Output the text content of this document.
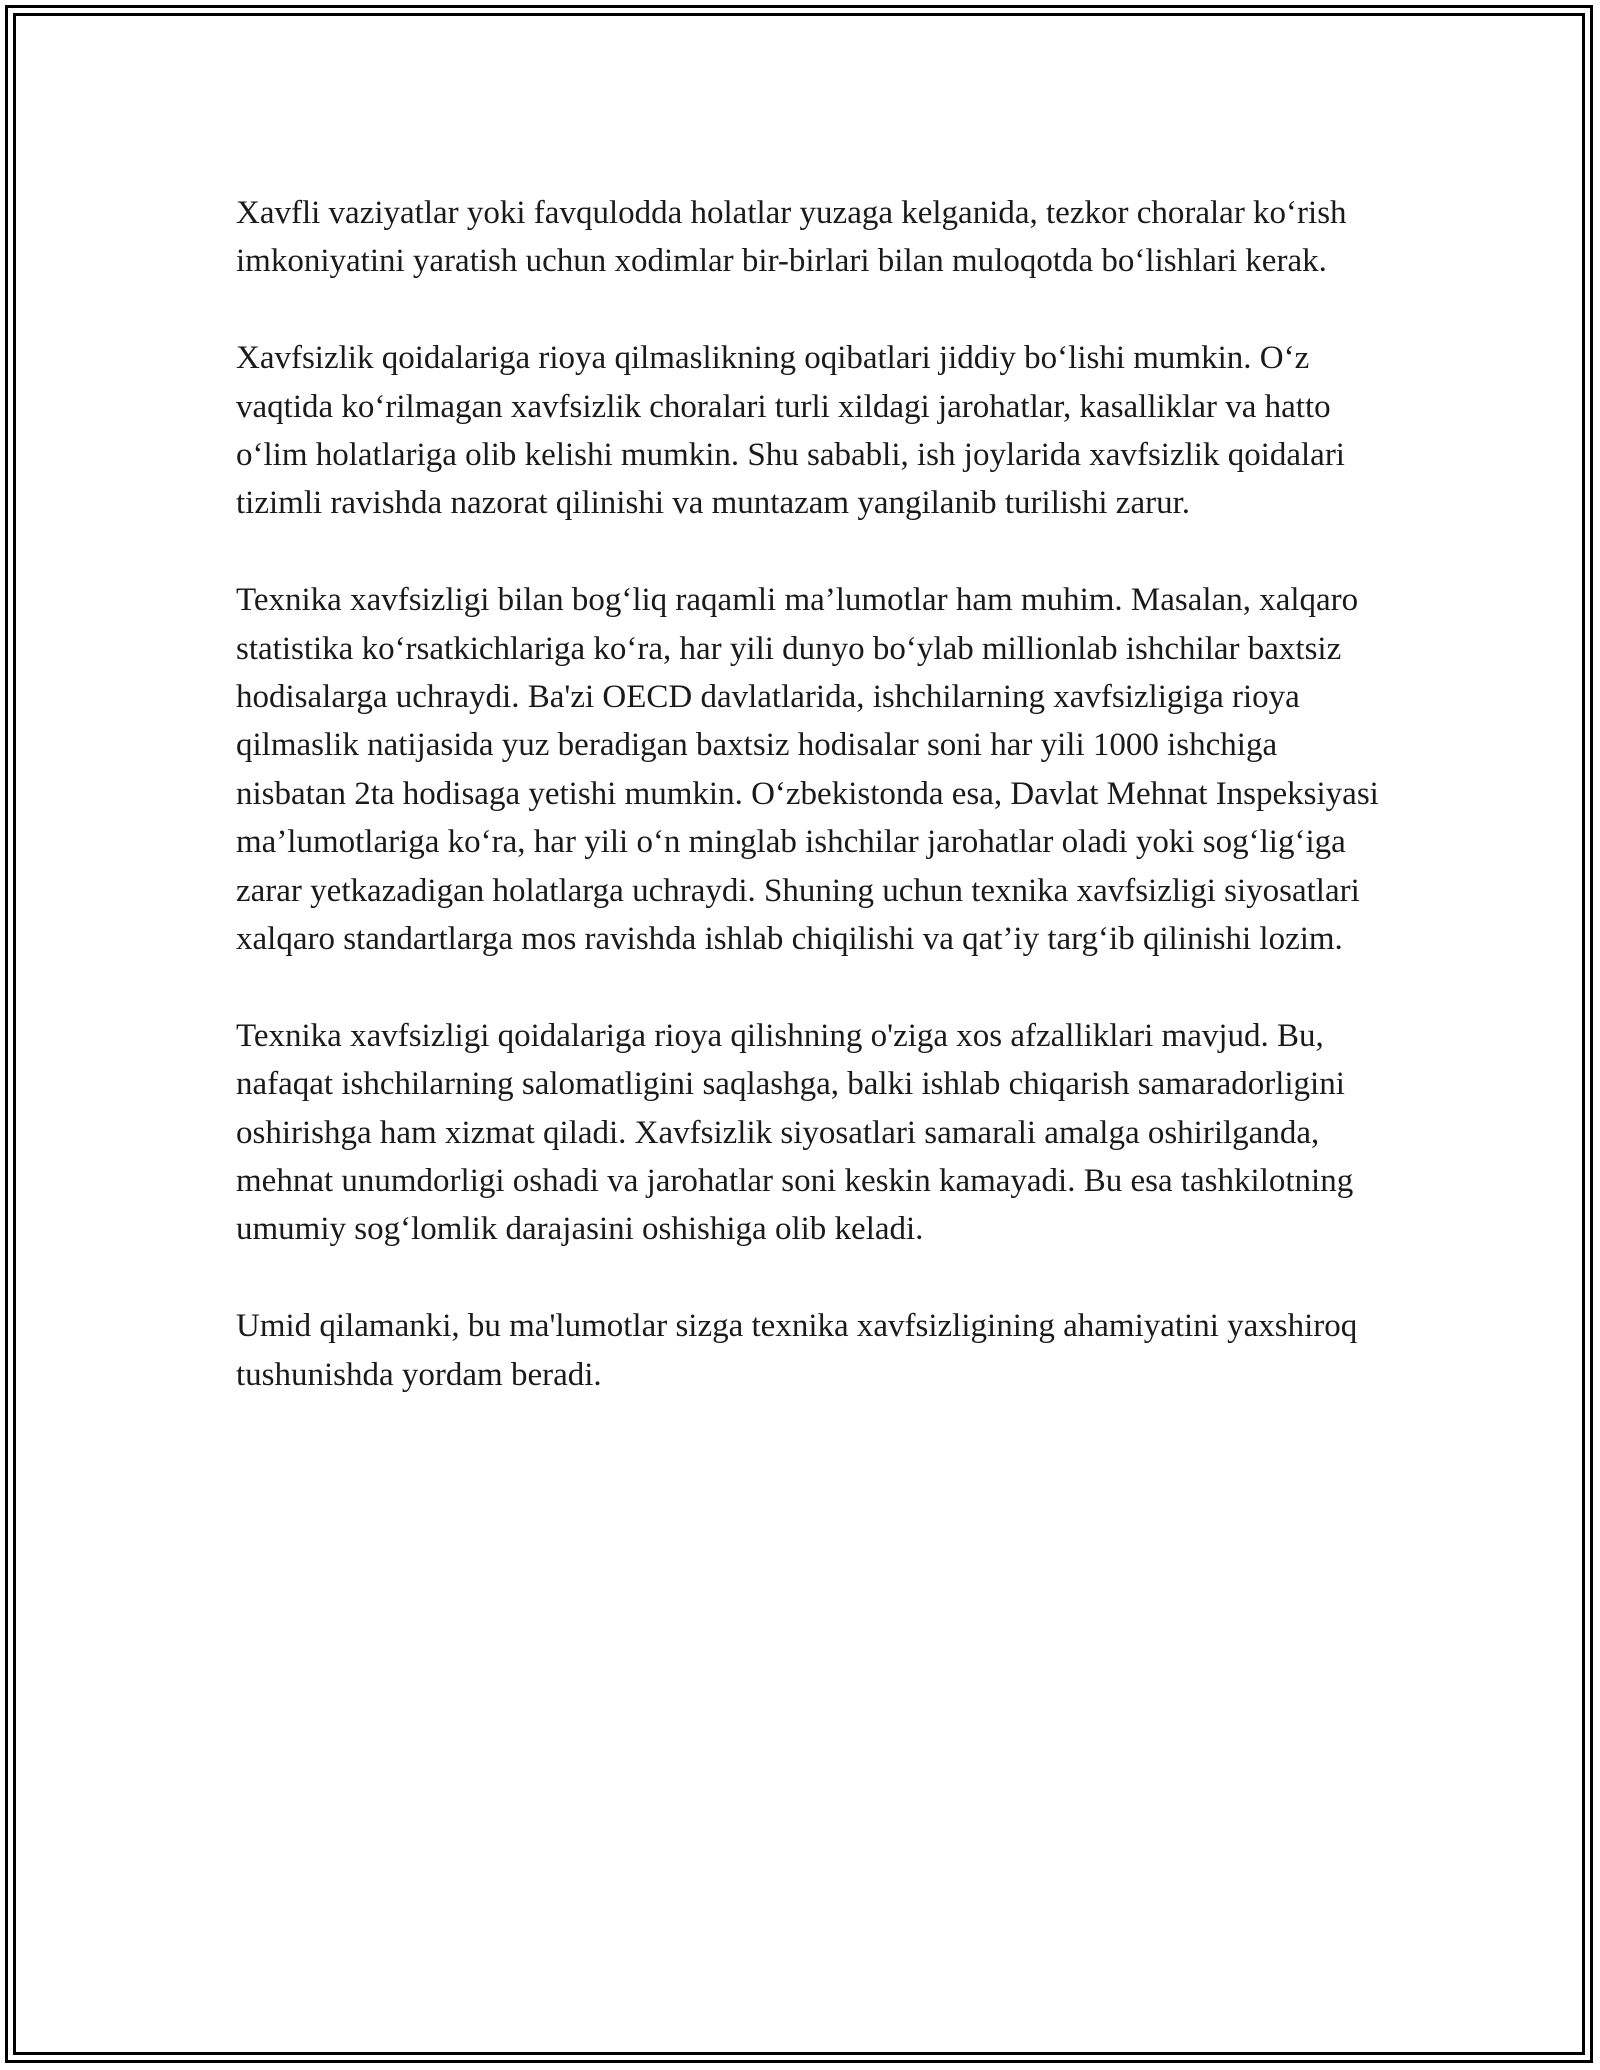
Xavfli vaziyatlar yoki favqulodda holatlar yuzaga kelganida, tezkor choralar ko‘rish imkoniyatini yaratish uchun xodimlar bir-birlari bilan muloqotda bo‘lishlari kerak.

Xavfsizlik qoidalariga rioya qilmaslikning oqibatlari jiddiy bo‘lishi mumkin. O‘z vaqtida ko‘rilmagan xavfsizlik choralari turli xildagi jarohatlar, kasalliklar va hatto o‘lim holatlariga olib kelishi mumkin. Shu sababli, ish joylarida xavfsizlik qoidalari tizimli ravishda nazorat qilinishi va muntazam yangilanib turilishi zarur.

Texnika xavfsizligi bilan bog‘liq raqamli ma’lumotlar ham muhim. Masalan, xalqaro statistika ko‘rsatkichlariga ko‘ra, har yili dunyo bo‘ylab millionlab ishchilar baxtsiz hodisalarga uchraydi. Ba'zi OECD davlatlarida, ishchilarning xavfsizligiga rioya qilmaslik natijasida yuz beradigan baxtsiz hodisalar soni har yili 1000 ishchiga nisbatan 2ta hodisaga yetishi mumkin. O‘zbekistonda esa, Davlat Mehnat Inspeksiyasi ma’lumotlariga ko‘ra, har yili o‘n minglab ishchilar jarohatlar oladi yoki sog‘lig‘iga zarar yetkazadigan holatlarga uchraydi. Shuning uchun texnika xavfsizligi siyosatlari xalqaro standartlarga mos ravishda ishlab chiqilishi va qat’iy targ‘ib qilinishi lozim.

Texnika xavfsizligi qoidalariga rioya qilishning o'ziga xos afzalliklari mavjud. Bu, nafaqat ishchilarning salomatligini saqlashga, balki ishlab chiqarish samaradorligini oshirishga ham xizmat qiladi. Xavfsizlik siyosatlari samarali amalga oshirilganda, mehnat unumdorligi oshadi va jarohatlar soni keskin kamayadi. Bu esa tashkilotning umumiy sog‘lomlik darajasini oshishiga olib keladi.

Umid qilamanki, bu ma'lumotlar sizga texnika xavfsizligining ahamiyatini yaxshiroq tushunishda yordam beradi.
